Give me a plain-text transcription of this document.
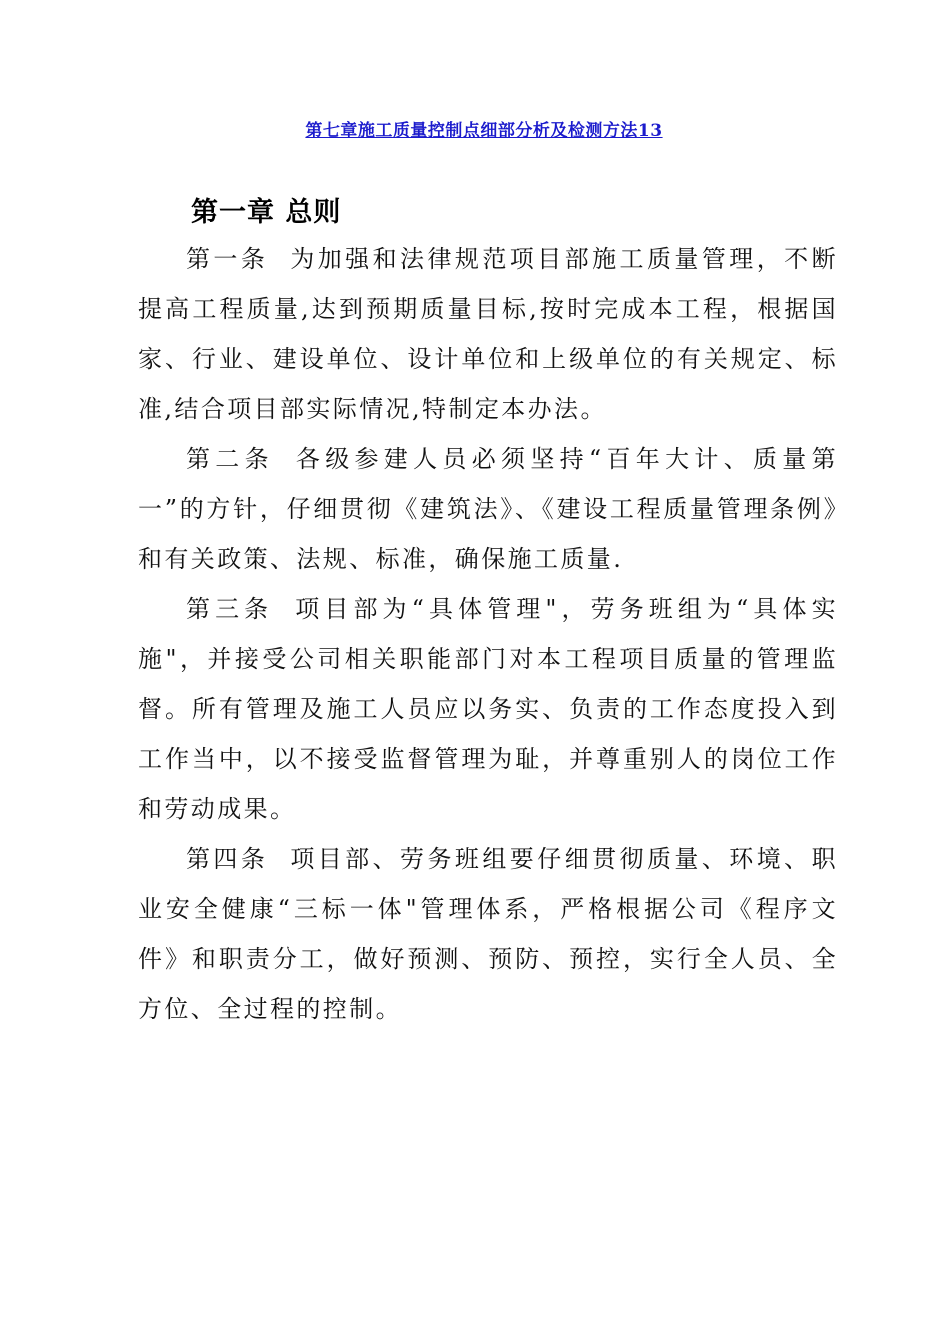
第七章施工质量控制点细部分析及检测方法13
第一章 总则

第一条 为加强和法律规范项目部施工质量管理，不断提高工程质量,达到预期质量目标,按时完成本工程，根据国家、行业、建设单位、设计单位和上级单位的有关规定、标准,结合项目部实际情况,特制定本办法。

第二条 各级参建人员必须坚持“百年大计、质量第一”的方针，仔细贯彻《建筑法》、《建设工程质量管理条例》和有关政策、法规、标准，确保施工质量.

第三条 项目部为“具体管理"，劳务班组为“具体实施"，并接受公司相关职能部门对本工程项目质量的管理监督。所有管理及施工人员应以务实、负责的工作态度投入到工作当中，以不接受监督管理为耻，并尊重别人的岗位工作和劳动成果。

第四条 项目部、劳务班组要仔细贯彻质量、环境、职业安全健康“三标一体"管理体系，严格根据公司《程序文件》和职责分工，做好预测、预防、预控，实行全人员、全方位、全过程的控制。
